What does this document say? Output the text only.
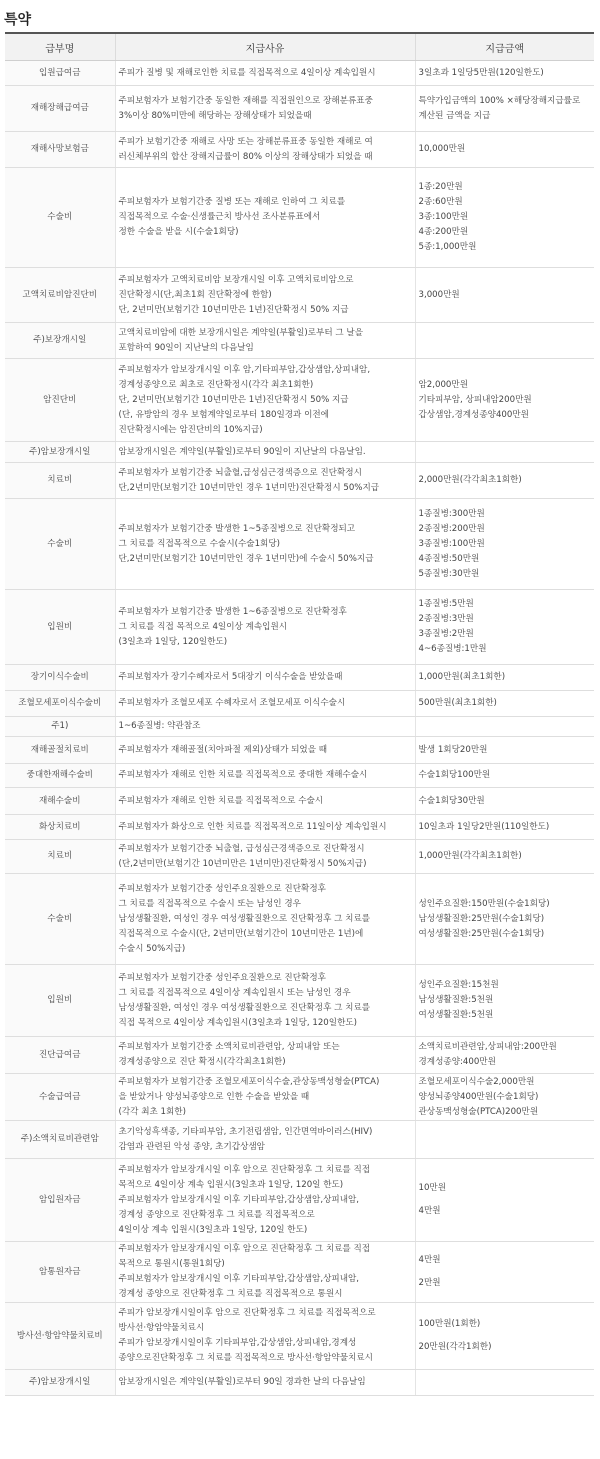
특약
급부명	지급사유	지급금액
입원급여금	주피가 질병 및 재해로인한 치료를 직접목적으로 4일이상 계속입원시	3일초과 1일당5만원(120일한도)

재해장해급여금	주피보험자가 보험기간중 동일한 재해를 직접원인으로 장해분류표중
3%이상 80%미만에 해당하는 장해상태가 되었을때	특약가입금액의 100% ×해당장해지급률로
계산된 금액을 지급

재해사망보험금	주피가 보험기간중 재해로 사망 또는 장해분류표중 동일한 재해로 여
러신체부위의 합산 장해지급률이 80% 이상의 장해상태가 되었을 때	10,000만원

수술비	주피보험자가 보험기간중 질병 또는 재해로 인하여 그 치료를
직접목적으로 수술·신생률근치 방사선 조사분류표에서
정한 수술을 받을 시(수술1회당)	1종:20만원
2종:60만원
3종:100만원
4종:200만원
5종:1,000만원

고액치료비암진단비	주피보험자가 고액치료비암 보장개시일 이후 고액치료비암으로
진단확정시(단,최초1회 진단확정에 한함)
단, 2년미만(보험기간 10년미만은 1년)진단확정시 50% 지급	3,000만원

주)보장개시일	고액치료비암에 대한 보장개시일은 계약일(부활일)로부터 그 날을
포함하여 90일이 지난날의 다음날임	

암진단비	주피보험자가 암보장개시일 이후 암,기타피부암,갑상샘암,상피내암,
경계성종양으로 최초로 진단확정시(각각 최초1회한)
단, 2년미만(보험기간 10년미만은 1년)진단확정시 50% 지급
(단, 유방암의 경우 보험계약일로부터 180일경과 이전에
진단확정시에는 암진단비의 10%지급)	암2,000만원
기타피부암, 상피내암200만원
갑상샘암,경계성종양400만원

주)암보장개시일	암보장개시일은 계약일(부활일)로부터 90일이 지난날의 다음날임.	

치료비	주피보험자가 보험기간중 뇌출혈,급성심근경색증으로 진단확정시
단,2년미만(보험기간 10년미만인 경우 1년미만)진단확정시 50%지급	2,000만원(각각최초1회한)

수술비	주피보험자가 보험기간중 발생한 1~5종질병으로 진단확정되고
그 치료를 직접목적으로 수술시(수술1회당)
단,2년미만(보험기간 10년미만인 경우 1년미만)에 수술시 50%지급	1종질병:300만원
2종질병:200만원
3종질병:100만원
4종질병:50만원
5종질병:30만원

입원비	주피보험자가 보험기간중 발생한 1~6종질병으로 진단확정후
그 치료를 직접 목적으로 4일이상 계속입원시
(3일초과 1일당, 120일한도)	1종질병:5만원
2종질병:3만원
3종질병:2만원
4~6종질병:1만원

장기이식수술비	주피보험자가 장기수혜자로서 5대장기 이식수술을 받았을때	1,000만원(최초1회한)

조혈모세포이식수술비	주피보험자가 조혈모세포 수혜자로서 조혈모세포 이식수술시	500만원(최초1회한)

주1)	1~6종질병: 약관참조	

재해골절치료비	주피보험자가 재해골절(치아파절 제외)상태가 되었을 때	발생 1회당20만원

중대한재해수술비	주피보험자가 재해로 인한 치료를 직접목적으로 중대한 재해수술시	수술1회당100만원

재해수술비	주피보험자가 재해로 인한 치료를 직접목적으로 수술시	수술1회당30만원

화상치료비	주피보험자가 화상으로 인한 치료를 직접목적으로 11일이상 계속입원시	10일초과 1일당2만원(110일한도)

치료비	주피보험자가 보험기간중 뇌출혈, 급성심근경색증으로 진단확정시
(단,2년미만(보험기간 10년미만은 1년미만)진단확정시 50%지급)	1,000만원(각각최초1회한)

수술비	주피보험자가 보험기간중 성인주요질환으로 진단확정후
그 치료를 직접목적으로 수술시 또는 남성인 경우
남성생활질환, 여성인 경우 여성생활질환으로 진단확정후 그 치료를
직접목적으로 수술시(단, 2년미만(보험기간이 10년미만은 1년)에
수술시 50%지급)	성인주요질환:150만원(수술1회당)
남성생활질환:25만원(수술1회당)
여성생활질환:25만원(수술1회당)

입원비	주피보험자가 보험기간중 성인주요질환으로 진단확정후
그 치료를 직접목적으로 4일이상 계속입원시 또는 남성인 경우
남성생활질환, 여성인 경우 여성생활질환으로 진단확정후 그 치료를
직접 목적으로 4일이상 계속입원시(3일초과 1일당, 120일한도)	성인주요질환:15천원
남성생활질환:5천원
여성생활질환:5천원

진단급여금	주피보험자가 보험기간중 소액치료비관련암, 상피내암 또는
경계성종양으로 진단 확정시(각각최초1회한)	소액치료비관련암,상피내암:200만원
경계성종양:400만원

수술급여금	주피보험자가 보험기간중 조혈모세포이식수술,관상동맥성형술(PTCA)
을 받았거나 양성뇌종양으로 인한 수술을 받았을 때
(각각 최초 1회한)	조혈모세포이식수술2,000만원
양성뇌종양400만원(수술1회당)
관상동맥성형술(PTCA)200만원

주)소액치료비관련암	초기악성흑색종, 기타피부암, 초기전립샘암, 인간면역바이러스(HIV)
감염과 관련된 악성 종양, 초기갑상샘암	

암입원자금	주피보험자가 암보장개시일 이후 암으로 진단확정후 그 치료를 직접
목적으로 4일이상 계속 입원시(3일초과 1일당, 120일 한도)
주피보험자가 암보장개시일 이후 기타피부암,갑상샘암,상피내암,
경계성 종양으로 진단확정후 그 치료를 직접목적으로
4일이상 계속 입원시(3일초과 1일당, 120일 한도)	10만원
4만원

암통원자금	주피보험자가 암보장개시일 이후 암으로 진단확정후 그 치료를 직접
목적으로 통원시(통원1회당)
주피보험자가 암보장개시일 이후 기타피부암,갑상샘암,상피내암,
경계성 종양으로 진단확정후 그 치료를 직접목적으로 통원시	4만원
2만원

방사선·항암약물치료비	주피가 암보장개시일이후 암으로 진단확정후 그 치료를 직접목적으로
방사선·항암약물치료시
주피가 암보장개시일이후 기타피부암,갑상샘암,상피내암,경계성
종양으로진단확정후 그 치료를 직접목적으로 방사선·항암약물치료시	100만원(1회한)
20만원(각각1회한)

주)암보장개시일	암보장개시일은 계약일(부활일)로부터 90일 경과한 날의 다음날임	
